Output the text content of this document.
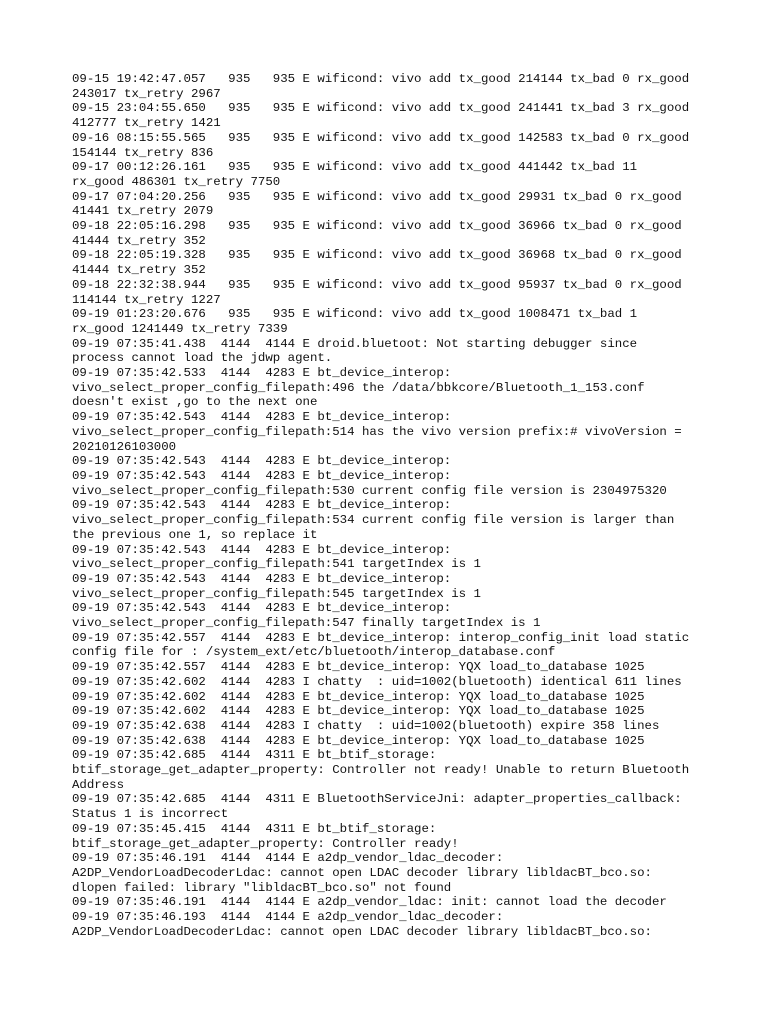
09-15 19:42:47.057   935   935 E wificond: vivo add tx_good 214144 tx_bad 0 rx_good
243017 tx_retry 2967
09-15 23:04:55.650   935   935 E wificond: vivo add tx_good 241441 tx_bad 3 rx_good
412777 tx_retry 1421
09-16 08:15:55.565   935   935 E wificond: vivo add tx_good 142583 tx_bad 0 rx_good
154144 tx_retry 836
09-17 00:12:26.161   935   935 E wificond: vivo add tx_good 441442 tx_bad 11
rx_good 486301 tx_retry 7750
09-17 07:04:20.256   935   935 E wificond: vivo add tx_good 29931 tx_bad 0 rx_good
41441 tx_retry 2079
09-18 22:05:16.298   935   935 E wificond: vivo add tx_good 36966 tx_bad 0 rx_good
41444 tx_retry 352
09-18 22:05:19.328   935   935 E wificond: vivo add tx_good 36968 tx_bad 0 rx_good
41444 tx_retry 352
09-18 22:32:38.944   935   935 E wificond: vivo add tx_good 95937 tx_bad 0 rx_good
114144 tx_retry 1227
09-19 01:23:20.676   935   935 E wificond: vivo add tx_good 1008471 tx_bad 1
rx_good 1241449 tx_retry 7339
09-19 07:35:41.438  4144  4144 E droid.bluetoot: Not starting debugger since
process cannot load the jdwp agent.
09-19 07:35:42.533  4144  4283 E bt_device_interop:
vivo_select_proper_config_filepath:496 the /data/bbkcore/Bluetooth_1_153.conf
doesn't exist ,go to the next one
09-19 07:35:42.543  4144  4283 E bt_device_interop:
vivo_select_proper_config_filepath:514 has the vivo version prefix:# vivoVersion =
20210126103000
09-19 07:35:42.543  4144  4283 E bt_device_interop:
09-19 07:35:42.543  4144  4283 E bt_device_interop:
vivo_select_proper_config_filepath:530 current config file version is 2304975320
09-19 07:35:42.543  4144  4283 E bt_device_interop:
vivo_select_proper_config_filepath:534 current config file version is larger than
the previous one 1, so replace it
09-19 07:35:42.543  4144  4283 E bt_device_interop:
vivo_select_proper_config_filepath:541 targetIndex is 1
09-19 07:35:42.543  4144  4283 E bt_device_interop:
vivo_select_proper_config_filepath:545 targetIndex is 1
09-19 07:35:42.543  4144  4283 E bt_device_interop:
vivo_select_proper_config_filepath:547 finally targetIndex is 1
09-19 07:35:42.557  4144  4283 E bt_device_interop: interop_config_init load static
config file for : /system_ext/etc/bluetooth/interop_database.conf
09-19 07:35:42.557  4144  4283 E bt_device_interop: YQX load_to_database 1025
09-19 07:35:42.602  4144  4283 I chatty  : uid=1002(bluetooth) identical 611 lines
09-19 07:35:42.602  4144  4283 E bt_device_interop: YQX load_to_database 1025
09-19 07:35:42.602  4144  4283 E bt_device_interop: YQX load_to_database 1025
09-19 07:35:42.638  4144  4283 I chatty  : uid=1002(bluetooth) expire 358 lines
09-19 07:35:42.638  4144  4283 E bt_device_interop: YQX load_to_database 1025
09-19 07:35:42.685  4144  4311 E bt_btif_storage:
btif_storage_get_adapter_property: Controller not ready! Unable to return Bluetooth
Address
09-19 07:35:42.685  4144  4311 E BluetoothServiceJni: adapter_properties_callback:
Status 1 is incorrect
09-19 07:35:45.415  4144  4311 E bt_btif_storage:
btif_storage_get_adapter_property: Controller ready!
09-19 07:35:46.191  4144  4144 E a2dp_vendor_ldac_decoder:
A2DP_VendorLoadDecoderLdac: cannot open LDAC decoder library libldacBT_bco.so:
dlopen failed: library "libldacBT_bco.so" not found
09-19 07:35:46.191  4144  4144 E a2dp_vendor_ldac: init: cannot load the decoder
09-19 07:35:46.193  4144  4144 E a2dp_vendor_ldac_decoder:
A2DP_VendorLoadDecoderLdac: cannot open LDAC decoder library libldacBT_bco.so:
